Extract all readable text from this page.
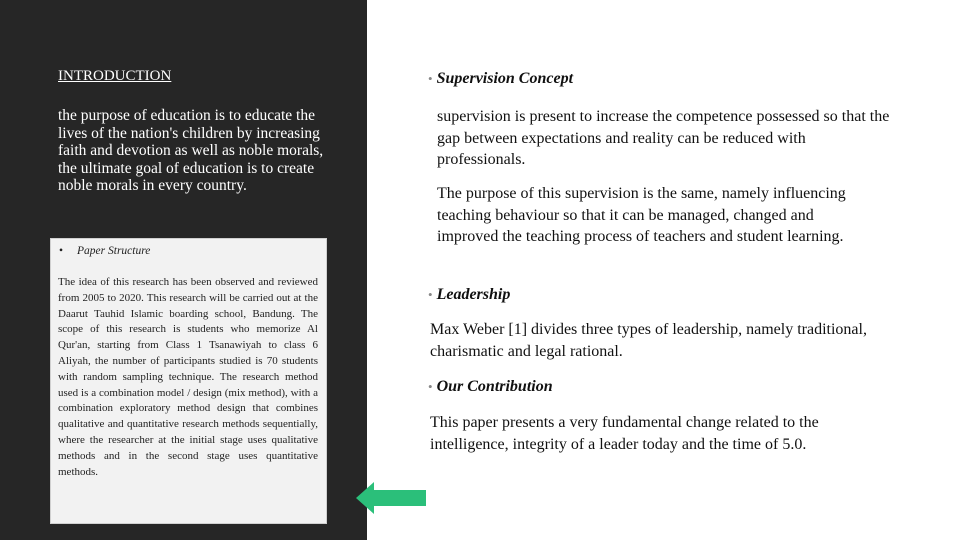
INTRODUCTION
the purpose of education is to educate the lives of the nation's children by increasing faith and devotion as well as noble morals, the ultimate goal of education is to create noble morals in every country.
• Paper Structure
The idea of this research has been observed and reviewed from 2005 to 2020. This research will be carried out at the Daarut Tauhid Islamic boarding school, Bandung. The scope of this research is students who memorize Al Qur'an, starting from Class 1 Tsanawiyah to class 6 Aliyah, the number of participants studied is 70 students with random sampling technique. The research method used is a combination model / design (mix method), with a combination exploratory method design that combines qualitative and quantitative research methods sequentially, where the researcher at the initial stage uses qualitative methods and in the second stage uses quantitative methods.
• Supervision Concept
supervision is present to increase the competence possessed so that the gap between expectations and reality can be reduced with professionals.
The purpose of this supervision is the same, namely influencing teaching behaviour so that it can be managed, changed and improved the teaching process of teachers and student learning.
• Leadership
Max Weber [1] divides three types of leadership, namely traditional, charismatic and legal rational.
• Our Contribution
This paper presents a very fundamental change related to the intelligence, integrity of a leader today and the time of 5.0.
